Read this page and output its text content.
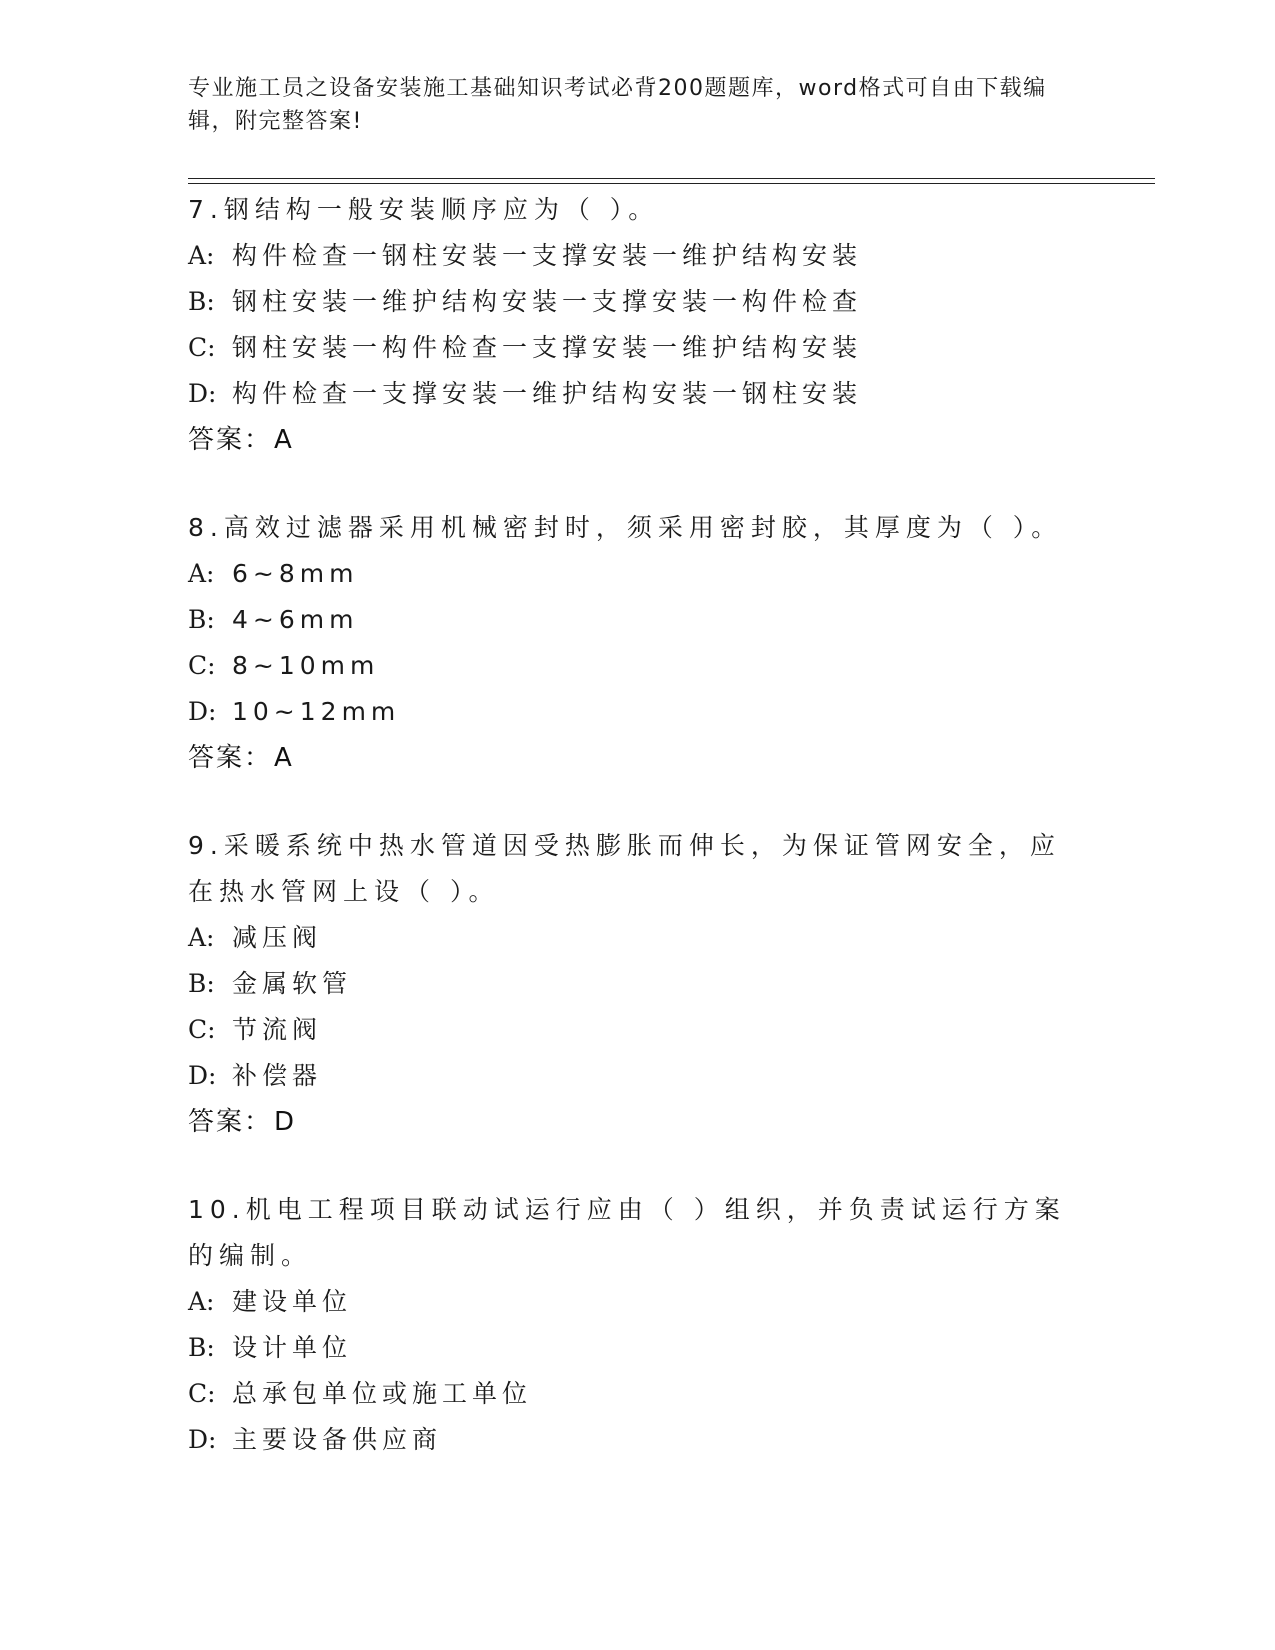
专业施工员之设备安装施工基础知识考试必背200题题库，word格式可自由下载编辑，附完整答案!

7.钢结构一般安装顺序应为（ ）。

A: 构件检查一钢柱安装一支撑安装一维护结构安装
B: 钢柱安装一维护结构安装一支撑安装一构件检查
C: 钢柱安装一构件检查一支撑安装一维护结构安装
D: 构件检查一支撑安装一维护结构安装一钢柱安装
答案：A

8.高效过滤器采用机械密封时，须采用密封胶，其厚度为（ ）。

A: 6~8mm
B: 4~6mm
C: 8~10mm
D: 10~12mm
答案：A

9.采暖系统中热水管道因受热膨胀而伸长，为保证管网安全，应在热水管网上设（ ）。

A: 减压阀
B: 金属软管
C: 节流阀
D: 补偿器
答案：D

10.机电工程项目联动试运行应由（ ）组织，并负责试运行方案的编制。

A: 建设单位
B: 设计单位
C: 总承包单位或施工单位
D: 主要设备供应商
